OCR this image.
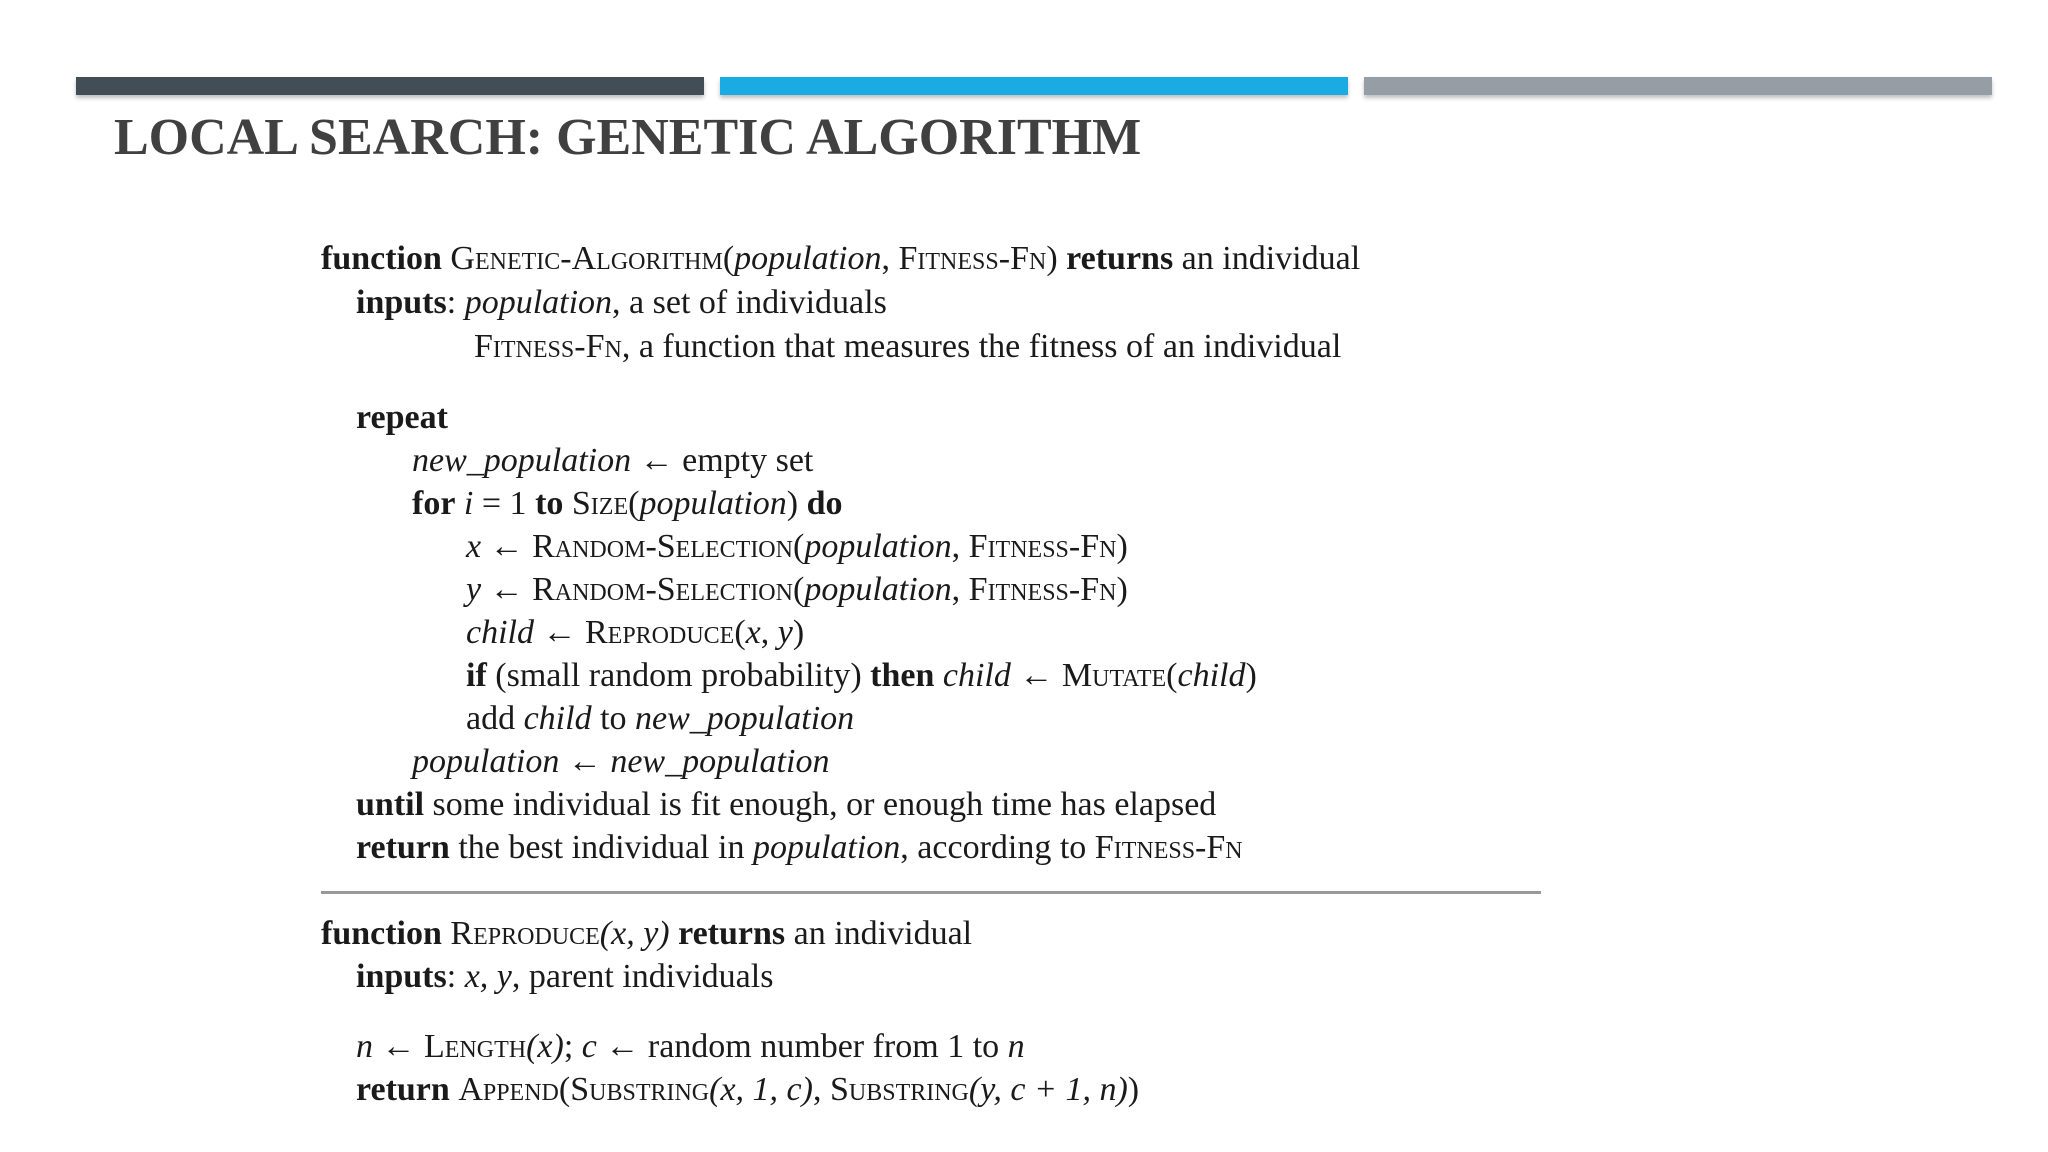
LOCAL SEARCH: GENETIC ALGORITHM
function Genetic-Algorithm(population, Fitness-Fn) returns an individual
inputs: population, a set of individuals
Fitness-Fn, a function that measures the fitness of an individual
repeat
new_population ← empty set
for i = 1 to Size(population) do
x ← Random-Selection(population, Fitness-Fn)
y ← Random-Selection(population, Fitness-Fn)
child ← Reproduce(x, y)
if (small random probability) then child ← Mutate(child)
add child to new_population
population ← new_population
until some individual is fit enough, or enough time has elapsed
return the best individual in population, according to Fitness-Fn
function Reproduce(x, y) returns an individual
inputs: x, y, parent individuals
n ← Length(x); c ← random number from 1 to n
return Append(Substring(x, 1, c), Substring(y, c + 1, n))
